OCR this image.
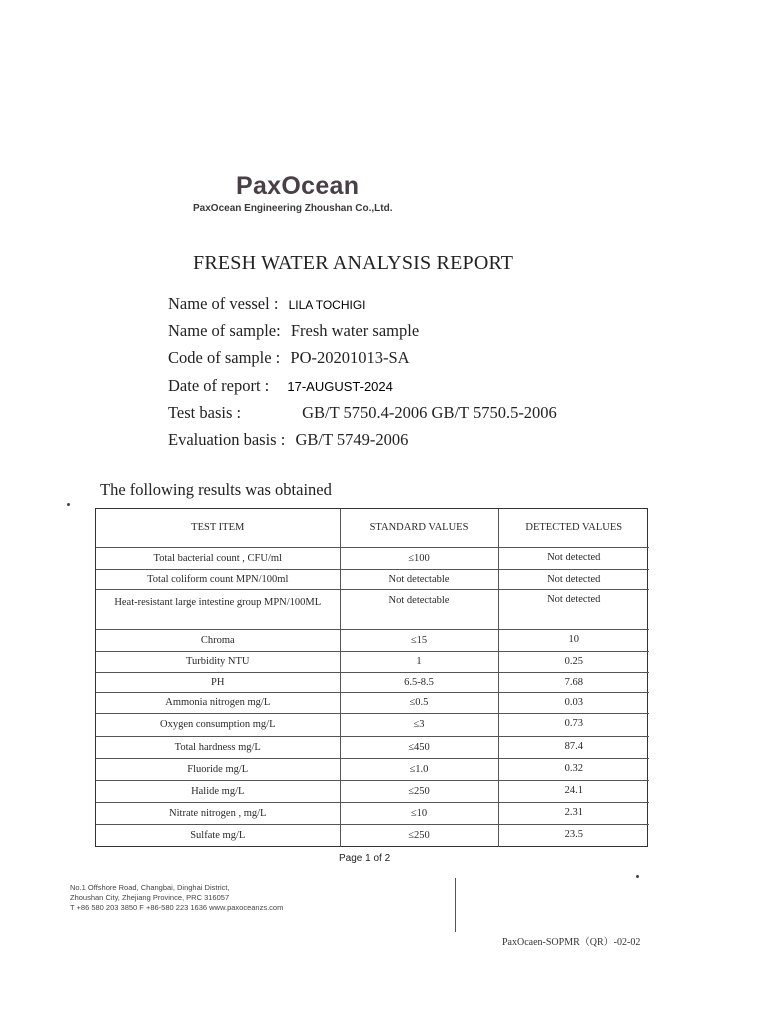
PaxOcean
PaxOcean Engineering Zhoushan Co.,Ltd.
FRESH WATER ANALYSIS REPORT
Name of vessel : LILA TOCHIGI
Name of sample: Fresh water sample
Code of sample : PO-20201013-SA
Date of report : 17-AUGUST-2024
Test basis :	GB/T 5750.4-2006 GB/T 5750.5-2006
Evaluation basis : GB/T 5749-2006
The following results was obtained
TEST ITEM	STANDARD VALUES	DETECTED VALUES
Total bacterial count , CFU/ml	≤100	Not detected
Total coliform count MPN/100ml	Not detectable	Not detected
Heat-resistant large intestine group MPN/100ML	Not detectable	Not detected
Chroma	≤15	10
Turbidity NTU	1	0.25
PH	6.5-8.5	7.68
Ammonia nitrogen mg/L	≤0.5	0.03
Oxygen consumption mg/L	≤3	0.73
Total hardness mg/L	≤450	87.4
Fluoride mg/L	≤1.0	0.32
Halide mg/L	≤250	24.1
Nitrate nitrogen , mg/L	≤10	2.31
Sulfate mg/L	≤250	23.5
Page 1 of 2
No.1 Offshore Road, Changbai, Dinghai District,
Zhoushan City, Zhejiang Province, PRC 316057
T +86 580 203 3850 F +86-580 223 1636 www.paxoceanzs.com
PaxOcaen-SOPMR（QR）-02-02
